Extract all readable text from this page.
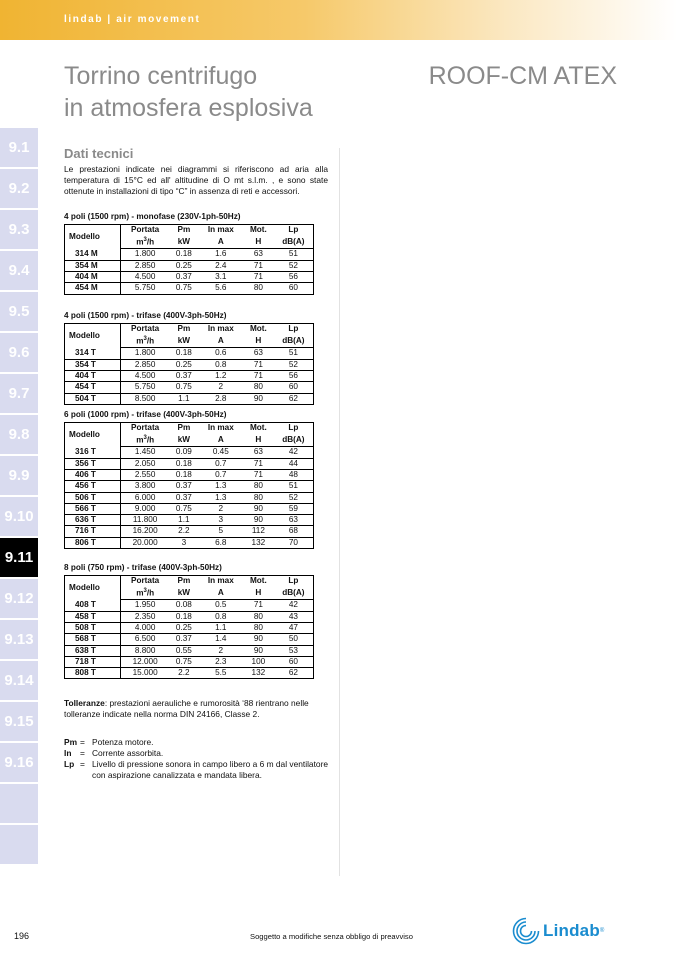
lindab | air movement
Torrino centrifugo
in atmosfera esplosiva
ROOF-CM ATEX
9.1
9.2
9.3
9.4
9.5
9.6
9.7
9.8
9.9
9.10
9.11
9.12
9.13
9.14
9.15
9.16
Dati tecnici
Le prestazioni indicate nei diagrammi si riferiscono ad aria alla temperatura di 15°C ed all' altitudine di O mt s.l.m. , e sono state ottenute in installazioni di tipo “C” in assenza di reti e accessori.
4 poli (1500 rpm) - monofase (230V-1ph-50Hz)
Modello	Portata	Pm	In max	Mot.	Lp
	$m^3/h$	kW	A	H	dB(A)
314 M	1.800	0.18	1.6	63	51
354 M	2.850	0.25	2.4	71	52
404 M	4.500	0.37	3.1	71	56
454 M	5.750	0.75	5.6	80	60
4 poli (1500 rpm) - trifase (400V-3ph-50Hz)
Modello	Portata	Pm	In max	Mot.	Lp
	$m^3/h$	kW	A	H	dB(A)
314 T	1.800	0.18	0.6	63	51
354 T	2.850	0.25	0.8	71	52
404 T	4.500	0.37	1.2	71	56
454 T	5.750	0.75	2	80	60
504 T	8.500	1.1	2.8	90	62
6 poli (1000 rpm) - trifase (400V-3ph-50Hz)
Modello	Portata	Pm	In max	Mot.	Lp
	$m^3/h$	kW	A	H	dB(A)
316 T	1.450	0.09	0.45	63	42
356 T	2.050	0.18	0.7	71	44
406 T	2.550	0.18	0.7	71	48
456 T	3.800	0.37	1.3	80	51
506 T	6.000	0.37	1.3	80	52
566 T	9.000	0.75	2	90	59
636 T	11.800	1.1	3	90	63
716 T	16.200	2.2	5	112	68
806 T	20.000	3	6.8	132	70
8 poli (750 rpm) - trifase (400V-3ph-50Hz)
Modello	Portata	Pm	In max	Mot.	Lp
	$m^3/h$	kW	A	H	dB(A)
408 T	1.950	0.08	0.5	71	42
458 T	2.350	0.18	0.8	80	43
508 T	4.000	0.25	1.1	80	47
568 T	6.500	0.37	1.4	90	50
638 T	8.800	0.55	2	90	53
718 T	12.000	0.75	2.3	100	60
808 T	15.000	2.2	5.5	132	62
Tolleranze: prestazioni aerauliche e rumorosità ‘88 rientrano nelle tolleranze indicate nella norma DIN 24166, Classe 2.
Pm = Potenza motore.
In	= Corrente assorbita.
Lp = Livello di pressione sonora in campo libero a 6 m dal ventilatore con aspirazione canalizzata e mandata libera.
196	Soggetto a modifiche senza obbligo di preavviso	Lindab ®
